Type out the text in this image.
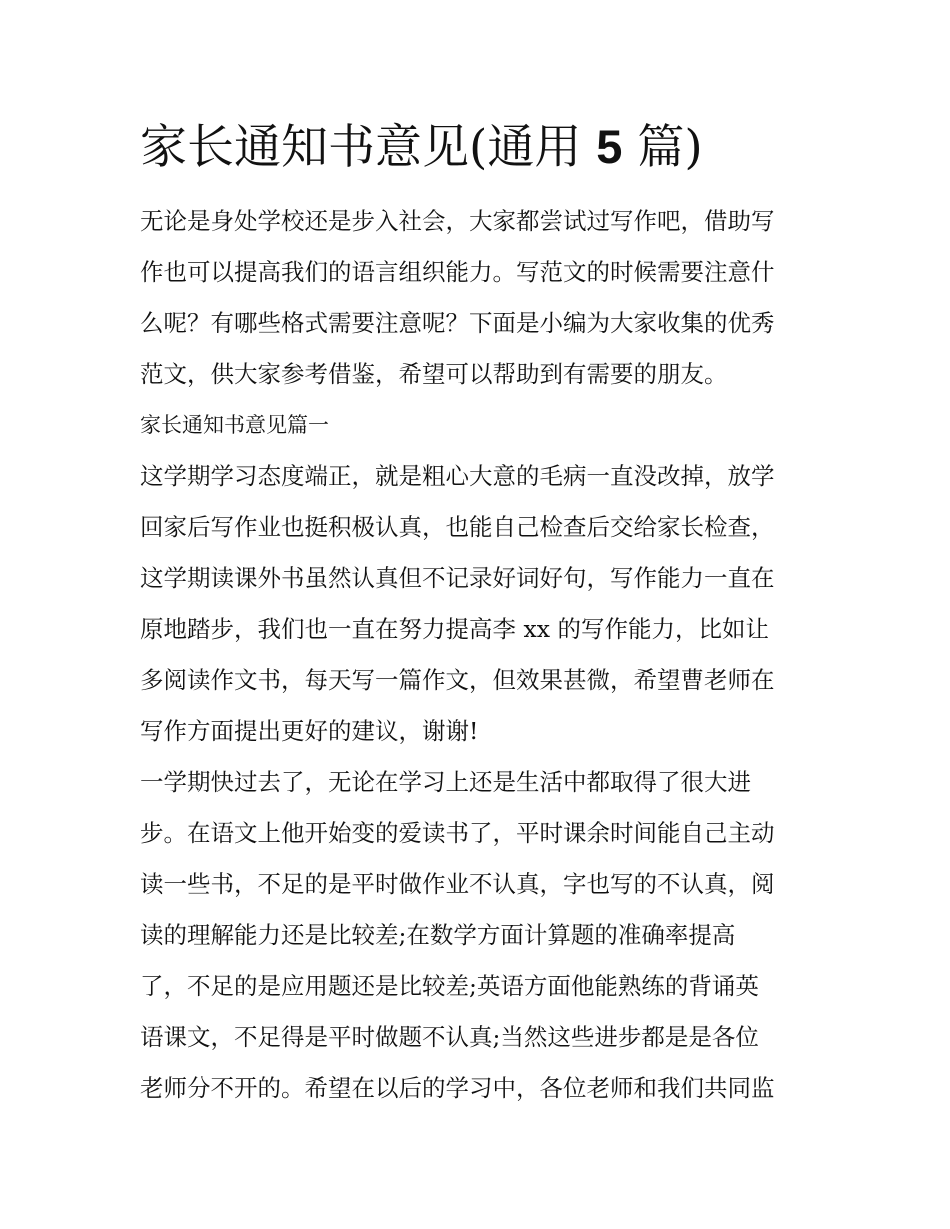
家长通知书意见(通用 5 篇)
无论是身处学校还是步入社会，大家都尝试过写作吧，借助写
作也可以提高我们的语言组织能力。写范文的时候需要注意什
么呢？有哪些格式需要注意呢？下面是小编为大家收集的优秀
范文，供大家参考借鉴，希望可以帮助到有需要的朋友。
家长通知书意见篇一
这学期学习态度端正，就是粗心大意的毛病一直没改掉，放学
回家后写作业也挺积极认真，也能自己检查后交给家长检查，
这学期读课外书虽然认真但不记录好词好句，写作能力一直在
原地踏步，我们也一直在努力提高李 xx 的写作能力，比如让
多阅读作文书，每天写一篇作文，但效果甚微，希望曹老师在
写作方面提出更好的建议，谢谢!
一学期快过去了，无论在学习上还是生活中都取得了很大进
步。在语文上他开始变的爱读书了，平时课余时间能自己主动
读一些书，不足的是平时做作业不认真，字也写的不认真，阅
读的理解能力还是比较差;在数学方面计算题的准确率提高
了，不足的是应用题还是比较差;英语方面他能熟练的背诵英
语课文，不足得是平时做题不认真;当然这些进步都是是各位
老师分不开的。希望在以后的学习中，各位老师和我们共同监
